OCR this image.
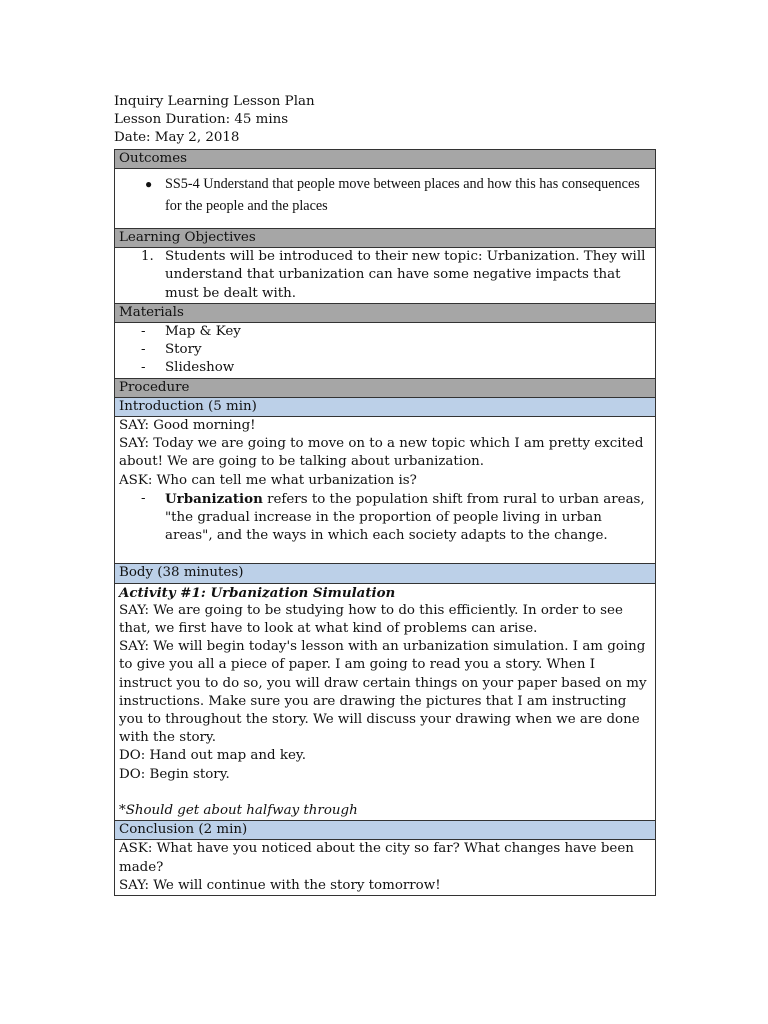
Inquiry Learning Lesson Plan

Lesson Duration: 45 mins

Date: May 2, 2018

Outcomes

● SS5-4 Understand that people move between places and how this has consequences for the people and the places

Learning Objectives

1. Students will be introduced to their new topic: Urbanization. They will understand that urbanization can have some negative impacts that must be dealt with.

Materials

- Map & Key
- Story
- Slideshow

Procedure
Introduction (5 min)

SAY: Good morning!
SAY: Today we are going to move on to a new topic which I am pretty excited about! We are going to be talking about urbanization.
ASK: Who can tell me what urbanization is?
- Urbanization refers to the population shift from rural to urban areas, "the gradual increase in the proportion of people living in urban areas", and the ways in which each society adapts to the change.

Body (38 minutes)

Activity #1: Urbanization Simulation
SAY: We are going to be studying how to do this efficiently. In order to see that, we first have to look at what kind of problems can arise.
SAY: We will begin today's lesson with an urbanization simulation. I am going to give you all a piece of paper. I am going to read you a story. When I instruct you to do so, you will draw certain things on your paper based on my instructions. Make sure you are drawing the pictures that I am instructing you to throughout the story. We will discuss your drawing when we are done with the story.
DO: Hand out map and key.
DO: Begin story.
*Should get about halfway through

Conclusion (2 min)

ASK: What have you noticed about the city so far? What changes have been made?
SAY: We will continue with the story tomorrow!
